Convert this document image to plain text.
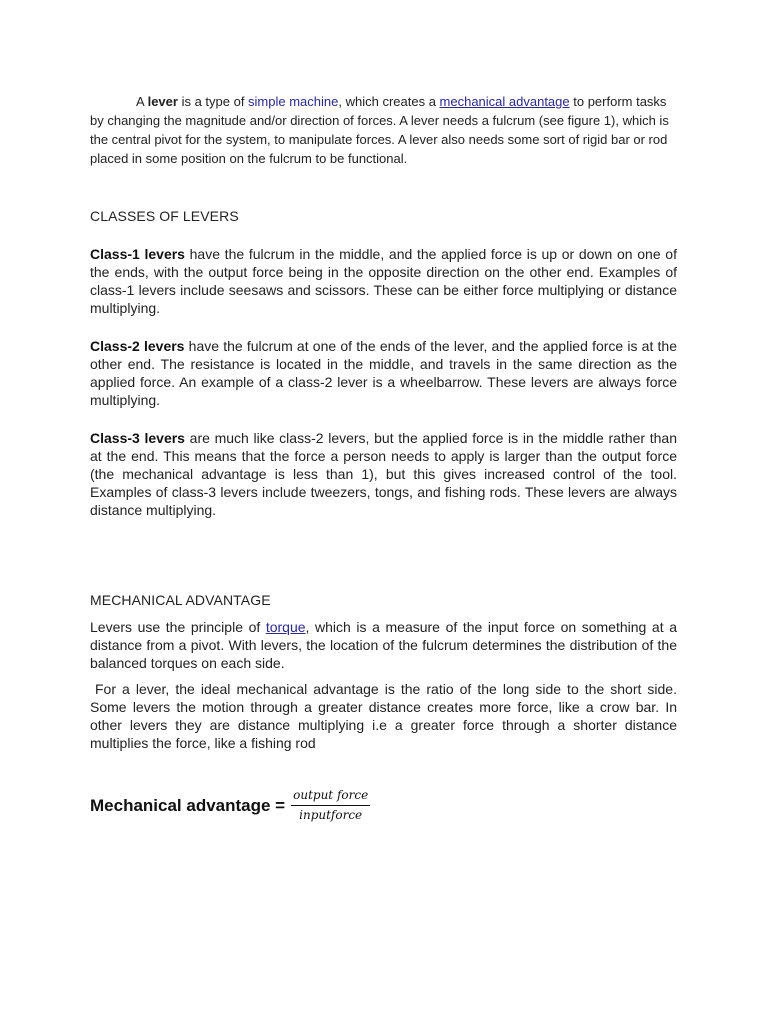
A lever is a type of simple machine, which creates a mechanical advantage to perform tasks by changing the magnitude and/or direction of forces. A lever needs a fulcrum (see figure 1), which is the central pivot for the system, to manipulate forces. A lever also needs some sort of rigid bar or rod placed in some position on the fulcrum to be functional.

CLASSES OF LEVERS

Class-1 levers have the fulcrum in the middle, and the applied force is up or down on one of the ends, with the output force being in the opposite direction on the other end. Examples of class-1 levers include seesaws and scissors. These can be either force multiplying or distance multiplying.

Class-2 levers have the fulcrum at one of the ends of the lever, and the applied force is at the other end. The resistance is located in the middle, and travels in the same direction as the applied force. An example of a class-2 lever is a wheelbarrow. These levers are always force multiplying.

Class-3 levers are much like class-2 levers, but the applied force is in the middle rather than at the end. This means that the force a person needs to apply is larger than the output force (the mechanical advantage is less than 1), but this gives increased control of the tool. Examples of class-3 levers include tweezers, tongs, and fishing rods. These levers are always distance multiplying.

MECHANICAL ADVANTAGE

Levers use the principle of torque, which is a measure of the input force on something at a distance from a pivot. With levers, the location of the fulcrum determines the distribution of the balanced torques on each side.

For a lever, the ideal mechanical advantage is the ratio of the long side to the short side. Some levers the motion through a greater distance creates more force, like a crow bar. In other levers they are distance multiplying i.e a greater force through a shorter distance multiplies the force, like a fishing rod

Mechanical advantage = $\frac{\text{output force}}{\text{inputforce}}$
